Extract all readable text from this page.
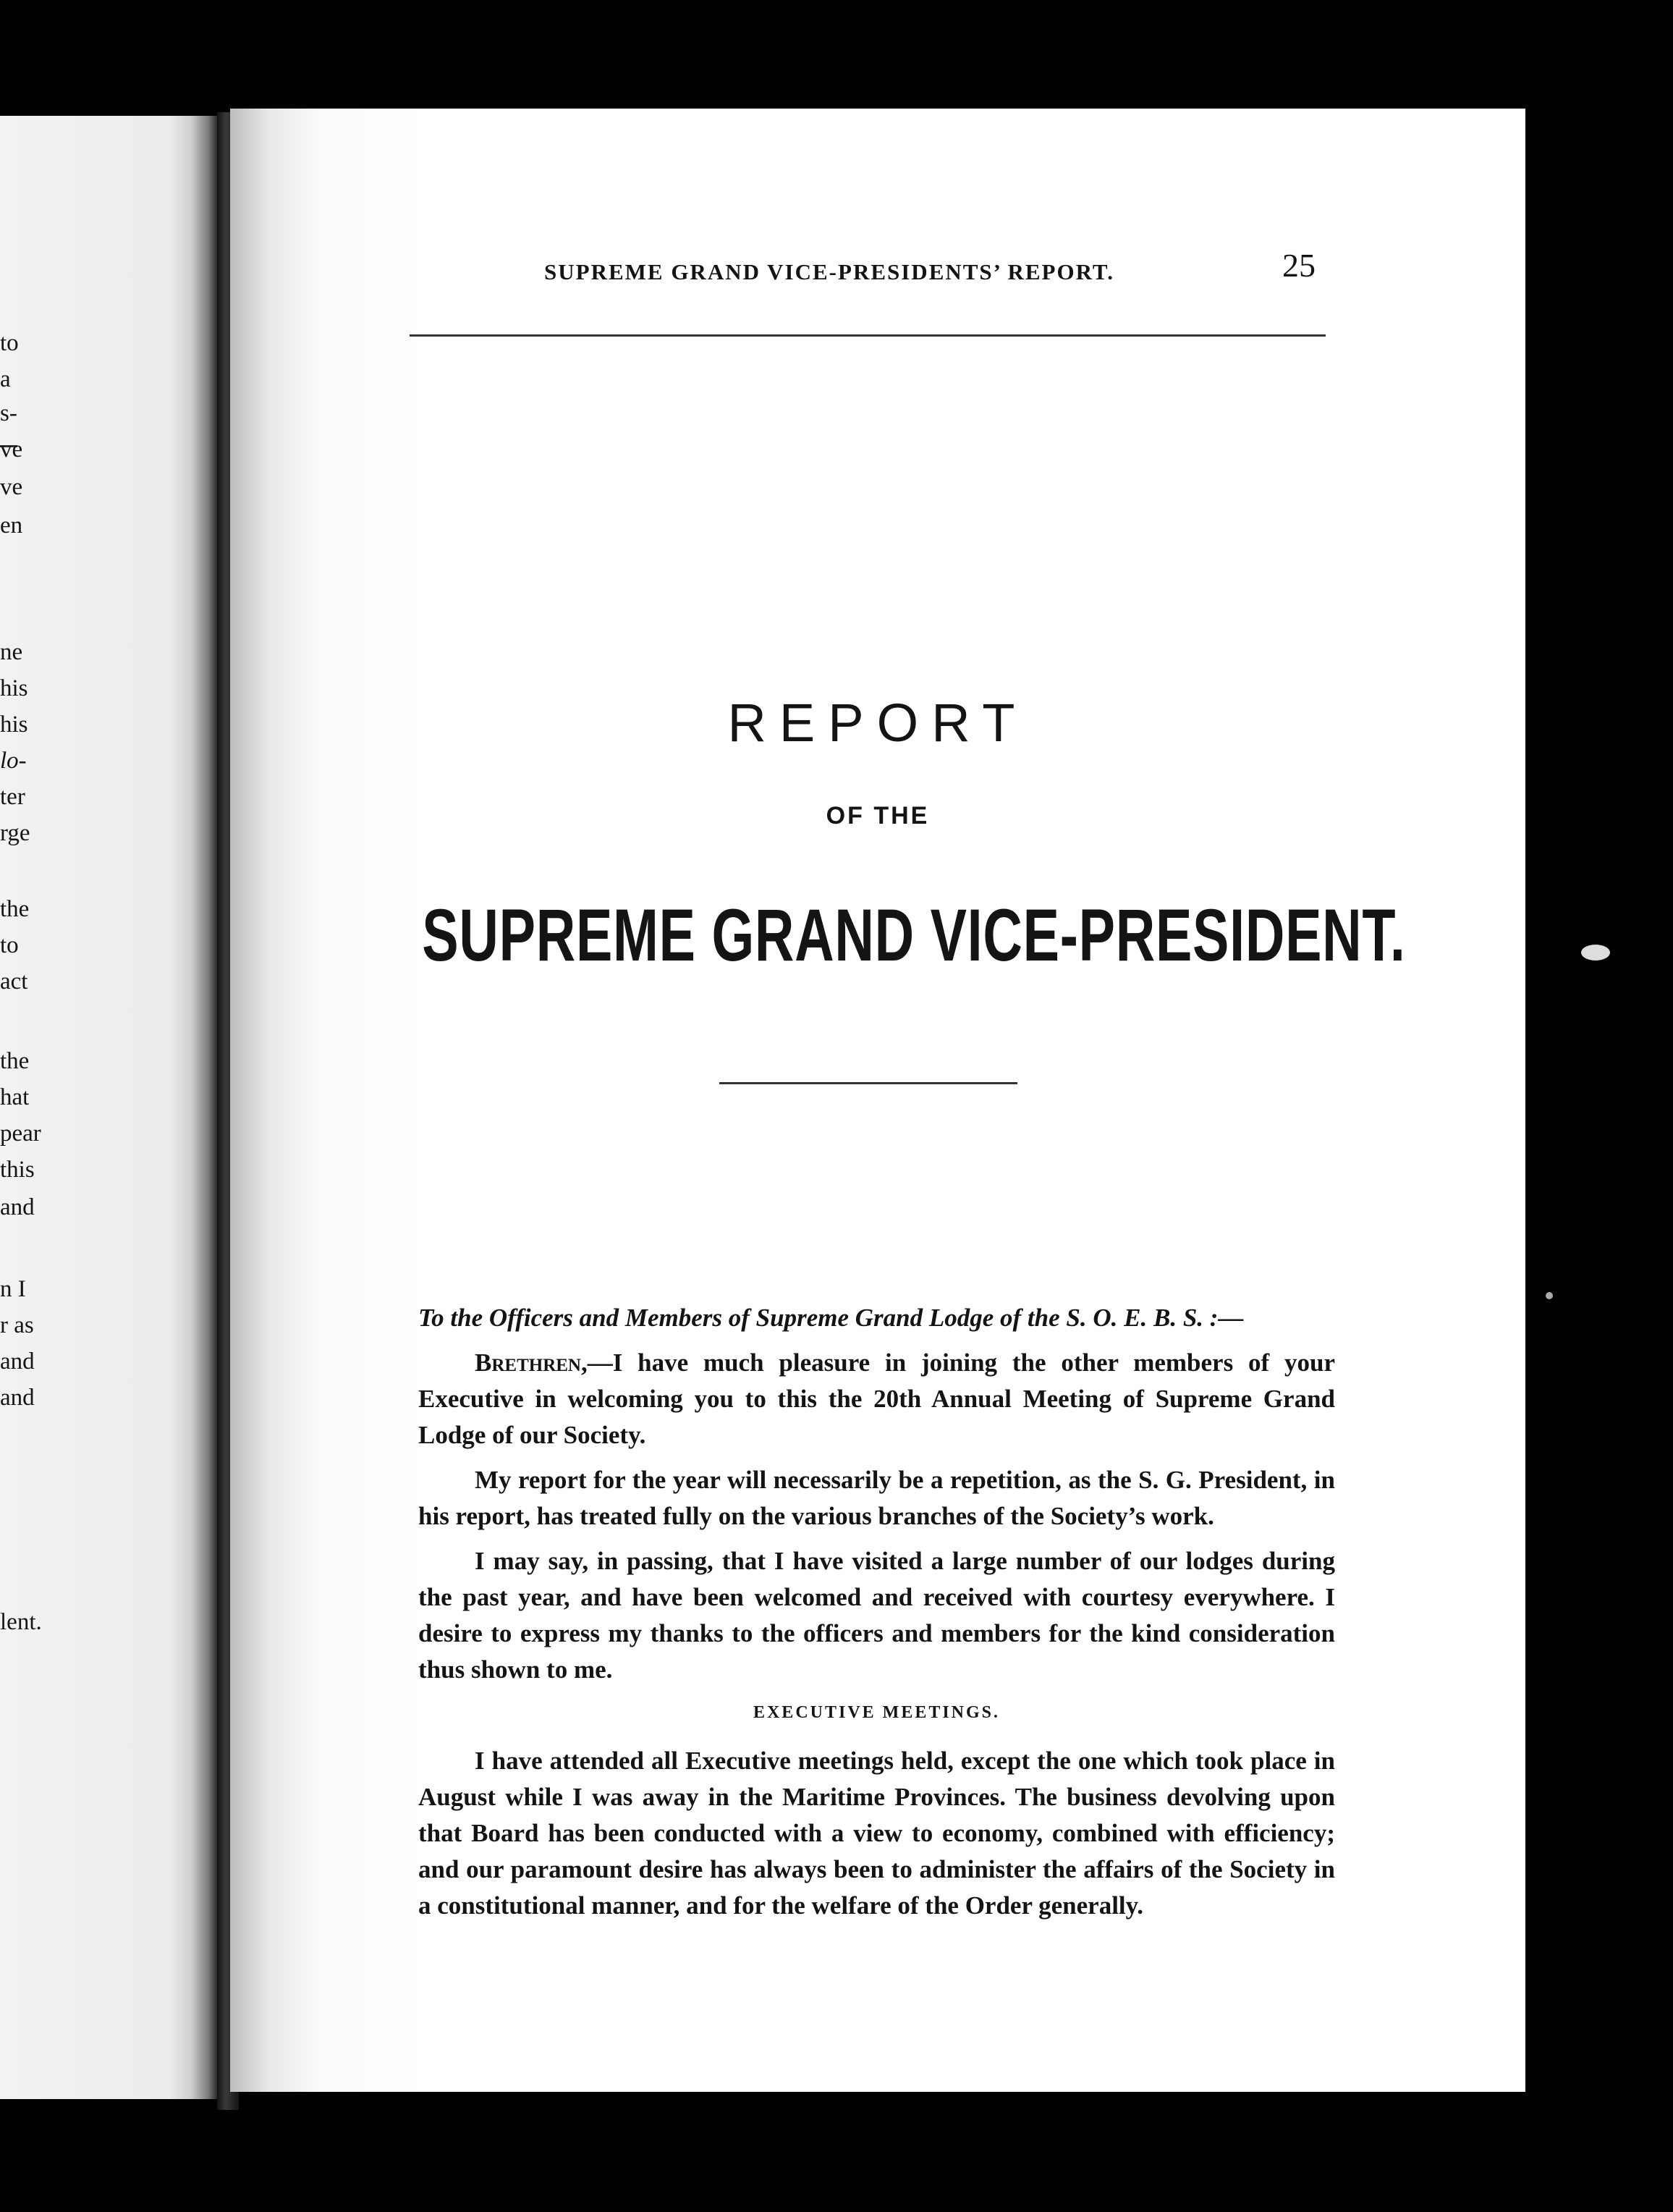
to
a
s-
ve
ve
en
ne
his
his
lo-
ter
rge
the
to
act
the
hat
pear
this
and
n I
r as
and
and
lent.
SUPREME GRAND VICE-PRESIDENTS’ REPORT.	25
REPORT
OF THE
SUPREME GRAND VICE-PRESIDENT.

To the Officers and Members of Supreme Grand Lodge of the S. O. E. B. S. :—

Brethren,—I have much pleasure in joining the other members of your Executive in welcoming you to this the 20th Annual Meeting of Supreme Grand Lodge of our Society.

My report for the year will necessarily be a repetition, as the S. G. President, in his report, has treated fully on the various branches of the Society’s work.

I may say, in passing, that I have visited a large number of our lodges during the past year, and have been welcomed and received with courtesy everywhere. I desire to express my thanks to the officers and members for the kind consideration thus shown to me.

EXECUTIVE MEETINGS.

I have attended all Executive meetings held, except the one which took place in August while I was away in the Maritime Provinces. The business devolving upon that Board has been conducted with a view to economy, combined with efficiency; and our paramount desire has always been to administer the affairs of the Society in a constitutional manner, and for the welfare of the Order generally.
